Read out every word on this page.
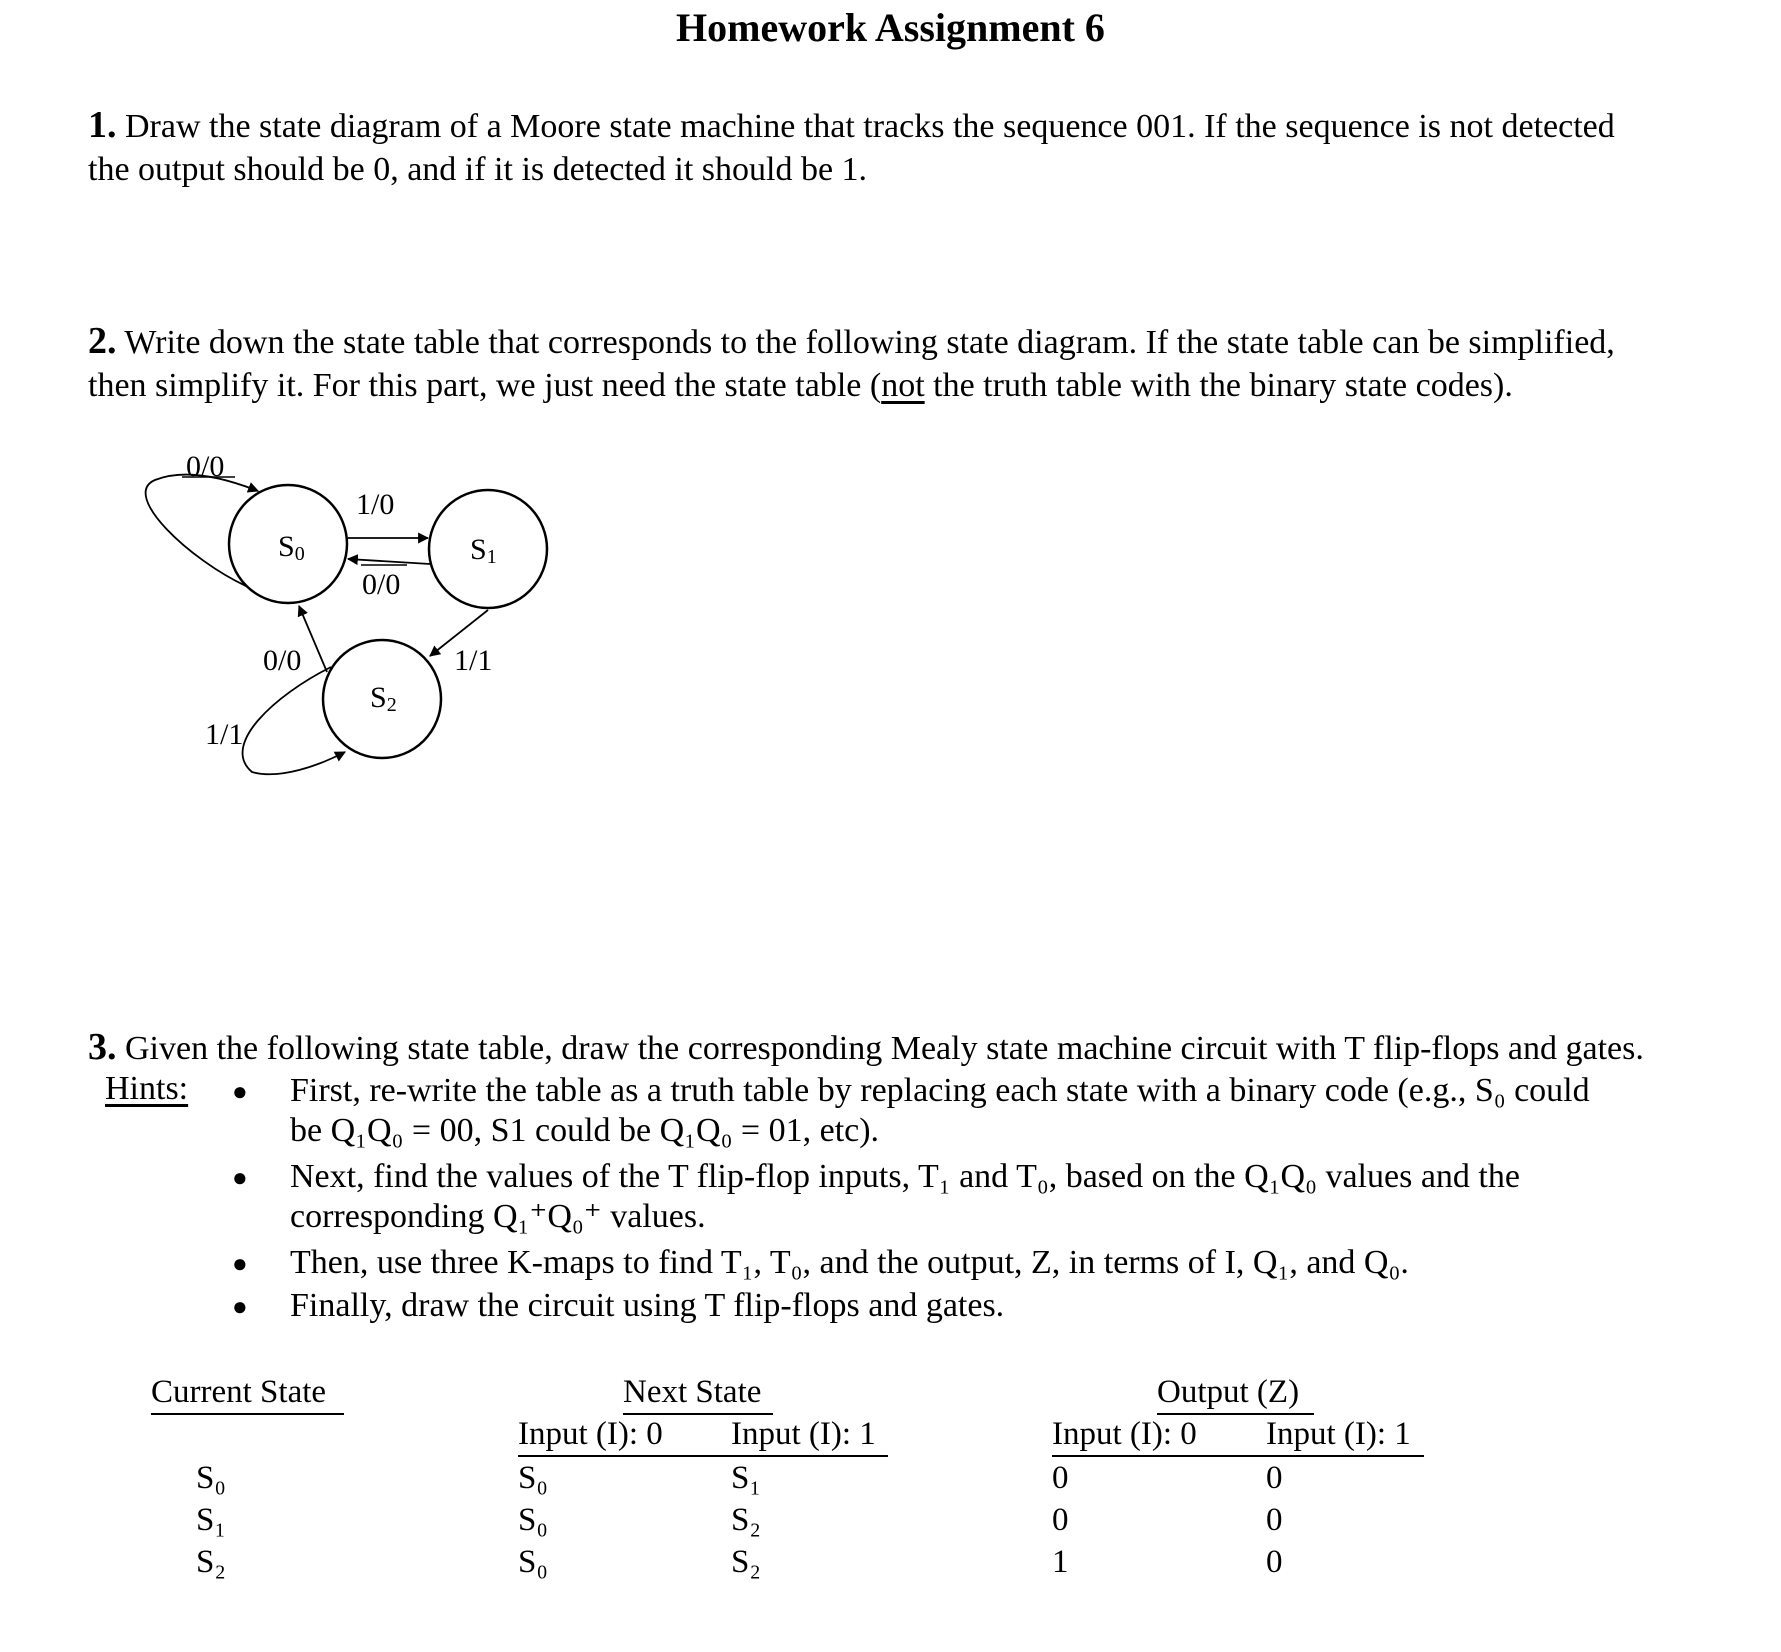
Homework Assignment 6
1. Draw the state diagram of a Moore state machine that tracks the sequence 001. If the sequence is not detected
the output should be 0, and if it is detected it should be 1.
2. Write down the state table that corresponds to the following state diagram. If the state table can be simplified,
then simplify it. For this part, we just need the state table (not the truth table with the binary state codes).
S0	S1
S2
0/0
1/0
0/0
1/1
0/0
1/1
3. Given the following state table, draw the corresponding Mealy state machine circuit with T flip-flops and gates.
Hints: ● First, re-write the table as a truth table by replacing each state with a binary code (e.g., S₀ could
be Q₁Q₀ = 00, S1 could be Q₁Q₀ = 01, etc).
● Next, find the values of the T flip-flop inputs, T₁ and T₀, based on the Q₁Q₀ values and the
corresponding Q₁⁺Q₀⁺ values.
● Then, use three K-maps to find T₁, T₀, and the output, Z, in terms of I, Q₁, and Q₀.
● Finally, draw the circuit using T flip-flops and gates.
Current State	Next State	Output (Z)
Input (I): 0 Input (I): 1	Input (I): 0 Input (I): 1
S₀	S₀	S₁	0	0
S₁	S₀	S₂	0	0
S₂	S₀	S₂	1	0
